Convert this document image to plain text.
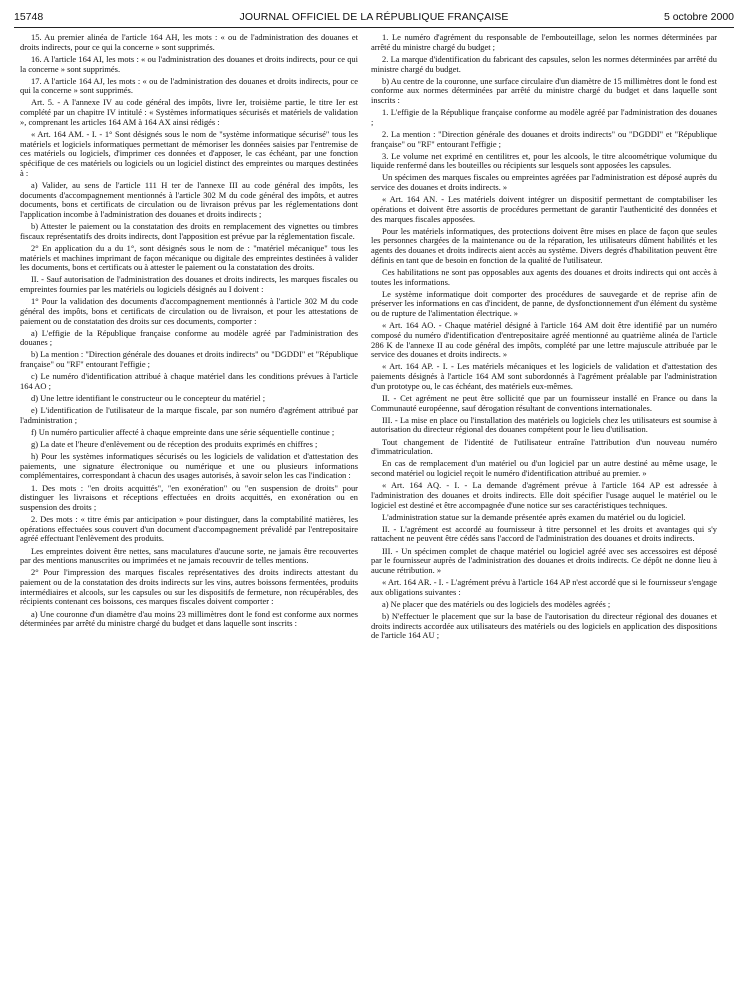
15748	JOURNAL OFFICIEL DE LA RÉPUBLIQUE FRANÇAISE	5 octobre 2000

15. Au premier alinéa de l'article 164 AH, les mots : « ou de l'administration des douanes et droits indirects, pour ce qui la concerne » sont supprimés.

16. A l'article 164 AI, les mots : « ou l'administration des douanes et droits indirects, pour ce qui la concerne » sont supprimés.

17. A l'article 164 AJ, les mots : « ou de l'administration des douanes et droits indirects, pour ce qui la concerne » sont supprimés.

Art. 5. - A l'annexe IV au code général des impôts, livre Ier, troisième partie, le titre Ier est complété par un chapitre IV intitulé : « Systèmes informatiques sécurisés et matériels de validation », comprenant les articles 164 AM à 164 AX ainsi rédigés :

« Art. 164 AM. - I. - 1° Sont désignés sous le nom de "système informatique sécurisé" tous les matériels et logiciels informatiques permettant de mémoriser les données saisies par l'entremise de ces matériels ou logiciels, d'imprimer ces données et d'apposer, le cas échéant, par une fonction spécifique de ces matériels ou logiciels ou un logiciel distinct des empreintes ou marques destinées à :

a) Valider, au sens de l'article 111 H ter de l'annexe III au code général des impôts, les documents d'accompagnement mentionnés à l'article 302 M du code général des impôts, et autres documents, bons et certificats de circulation ou de livraison prévus par les réglementations dont l'application incombe à l'administration des douanes et droits indirects ;

b) Attester le paiement ou la constatation des droits en remplacement des vignettes ou timbres fiscaux représentatifs des droits indirects, dont l'apposition est prévue par la réglementation fiscale.

2° En application du a du 1°, sont désignés sous le nom de : "matériel mécanique" tous les matériels et machines imprimant de façon mécanique ou digitale des empreintes destinées à valider les documents, bons et certificats ou à attester le paiement ou la constatation des droits.

II. - Sauf autorisation de l'administration des douanes et droits indirects, les marques fiscales ou empreintes fournies par les matériels ou logiciels désignés au I doivent :

1° Pour la validation des documents d'accompagnement mentionnés à l'article 302 M du code général des impôts, bons et certificats de circulation ou de livraison, et pour les attestations de paiement ou de constatation des droits sur ces documents, comporter :

a) L'effigie de la République française conforme au modèle agréé par l'administration des douanes ;

b) La mention : "Direction générale des douanes et droits indirects" ou "DGDDI" et "République française" ou "RF" entourant l'effigie ;

c) Le numéro d'identification attribué à chaque matériel dans les conditions prévues à l'article 164 AO ;

d) Une lettre identifiant le constructeur ou le concepteur du matériel ;

e) L'identification de l'utilisateur de la marque fiscale, par son numéro d'agrément attribué par l'administration ;

f) Un numéro particulier affecté à chaque empreinte dans une série séquentielle continue ;

g) La date et l'heure d'enlèvement ou de réception des produits exprimés en chiffres ;

h) Pour les systèmes informatiques sécurisés ou les logiciels de validation et d'attestation des paiements, une signature électronique ou numérique et une ou plusieurs informations complémentaires, correspondant à chacun des usages autorisés, à savoir selon les cas l'indication :

1. Des mots : "en droits acquittés", "en exonération" ou "en suspension de droits" pour distinguer les livraisons et réceptions effectuées en droits acquittés, en exonération ou en suspension des droits ;

2. Des mots : « titre émis par anticipation » pour distinguer, dans la comptabilité matières, les opérations effectuées sous couvert d'un document d'accompagnement prévalidé par l'entrepositaire agréé effectuant l'enlèvement des produits.

Les empreintes doivent être nettes, sans maculatures d'aucune sorte, ne jamais être recouvertes par des mentions manuscrites ou imprimées et ne jamais recouvrir de telles mentions.

2° Pour l'impression des marques fiscales représentatives des droits indirects attestant du paiement ou de la constatation des droits indirects sur les vins, autres boissons fermentées, produits intermédiaires et alcools, sur les capsules ou sur les dispositifs de fermeture, non récupérables, des récipients contenant ces boissons, ces marques fiscales doivent comporter :

a) Une couronne d'un diamètre d'au moins 23 millimètres dont le fond est conforme aux normes déterminées par arrêté du ministre chargé du budget et dans laquelle sont inscrits :

1. Le numéro d'agrément du responsable de l'embouteillage, selon les normes déterminées par arrêté du ministre chargé du budget ;

2. La marque d'identification du fabricant des capsules, selon les normes déterminées par arrêté du ministre chargé du budget.

b) Au centre de la couronne, une surface circulaire d'un diamètre de 15 millimètres dont le fond est conforme aux normes déterminées par arrêté du ministre chargé du budget et dans laquelle sont inscrits :

1. L'effigie de la République française conforme au modèle agréé par l'administration des douanes ;

2. La mention : "Direction générale des douanes et droits indirects" ou "DGDDI" et "République française" ou "RF" entourant l'effigie ;

3. Le volume net exprimé en centilitres et, pour les alcools, le titre alcoométrique volumique du liquide renfermé dans les bouteilles ou récipients sur lesquels sont apposées les capsules.

Un spécimen des marques fiscales ou empreintes agréées par l'administration est déposé auprès du service des douanes et droits indirects. »

« Art. 164 AN. - Les matériels doivent intégrer un dispositif permettant de comptabiliser les opérations et doivent être assortis de procédures permettant de garantir l'authenticité des données et des marques fiscales apposées.

Pour les matériels informatiques, des protections doivent être mises en place de façon que seules les personnes chargées de la maintenance ou de la réparation, les utilisateurs dûment habilités et les agents des douanes et droits indirects aient accès au système. Divers degrés d'habilitation peuvent être définis en tant que de besoin en fonction de la qualité de l'utilisateur.

Ces habilitations ne sont pas opposables aux agents des douanes et droits indirects qui ont accès à toutes les informations.

Le système informatique doit comporter des procédures de sauvegarde et de reprise afin de préserver les informations en cas d'incident, de panne, de dysfonctionnement d'un élément du système ou de rupture de l'alimentation électrique. »

« Art. 164 AO. - Chaque matériel désigné à l'article 164 AM doit être identifié par un numéro composé du numéro d'identification d'entrepositaire agréé mentionné au quatrième alinéa de l'article 286 K de l'annexe II au code général des impôts, complété par une lettre majuscule attribuée par le service des douanes et droits indirects. »

« Art. 164 AP. - I. - Les matériels mécaniques et les logiciels de validation et d'attestation des paiements désignés à l'article 164 AM sont subordonnés à l'agrément préalable par l'administration d'un prototype ou, le cas échéant, des matériels eux-mêmes.

II. - Cet agrément ne peut être sollicité que par un fournisseur installé en France ou dans la Communauté européenne, sauf dérogation résultant de conventions internationales.

III. - La mise en place ou l'installation des matériels ou logiciels chez les utilisateurs est soumise à autorisation du directeur régional des douanes compétent pour le lieu d'utilisation.

Tout changement de l'identité de l'utilisateur entraîne l'attribution d'un nouveau numéro d'immatriculation.

En cas de remplacement d'un matériel ou d'un logiciel par un autre destiné au même usage, le second matériel ou logiciel reçoit le numéro d'identification attribué au premier. »

« Art. 164 AQ. - I. - La demande d'agrément prévue à l'article 164 AP est adressée à l'administration des douanes et droits indirects. Elle doit spécifier l'usage auquel le matériel ou le logiciel est destiné et être accompagnée d'une notice sur ses caractéristiques techniques.

L'administration statue sur la demande présentée après examen du matériel ou du logiciel.

II. - L'agrément est accordé au fournisseur à titre personnel et les droits et avantages qui s'y rattachent ne peuvent être cédés sans l'accord de l'administration des douanes et droits indirects.

III. - Un spécimen complet de chaque matériel ou logiciel agréé avec ses accessoires est déposé par le fournisseur auprès de l'administration des douanes et droits indirects. Ce dépôt ne donne lieu à aucune rétribution. »

« Art. 164 AR. - I. - L'agrément prévu à l'article 164 AP n'est accordé que si le fournisseur s'engage aux obligations suivantes :

a) Ne placer que des matériels ou des logiciels des modèles agréés ;

b) N'effectuer le placement que sur la base de l'autorisation du directeur régional des douanes et droits indirects accordée aux utilisateurs des matériels ou des logiciels en application des dispositions de l'article 164 AU ;
